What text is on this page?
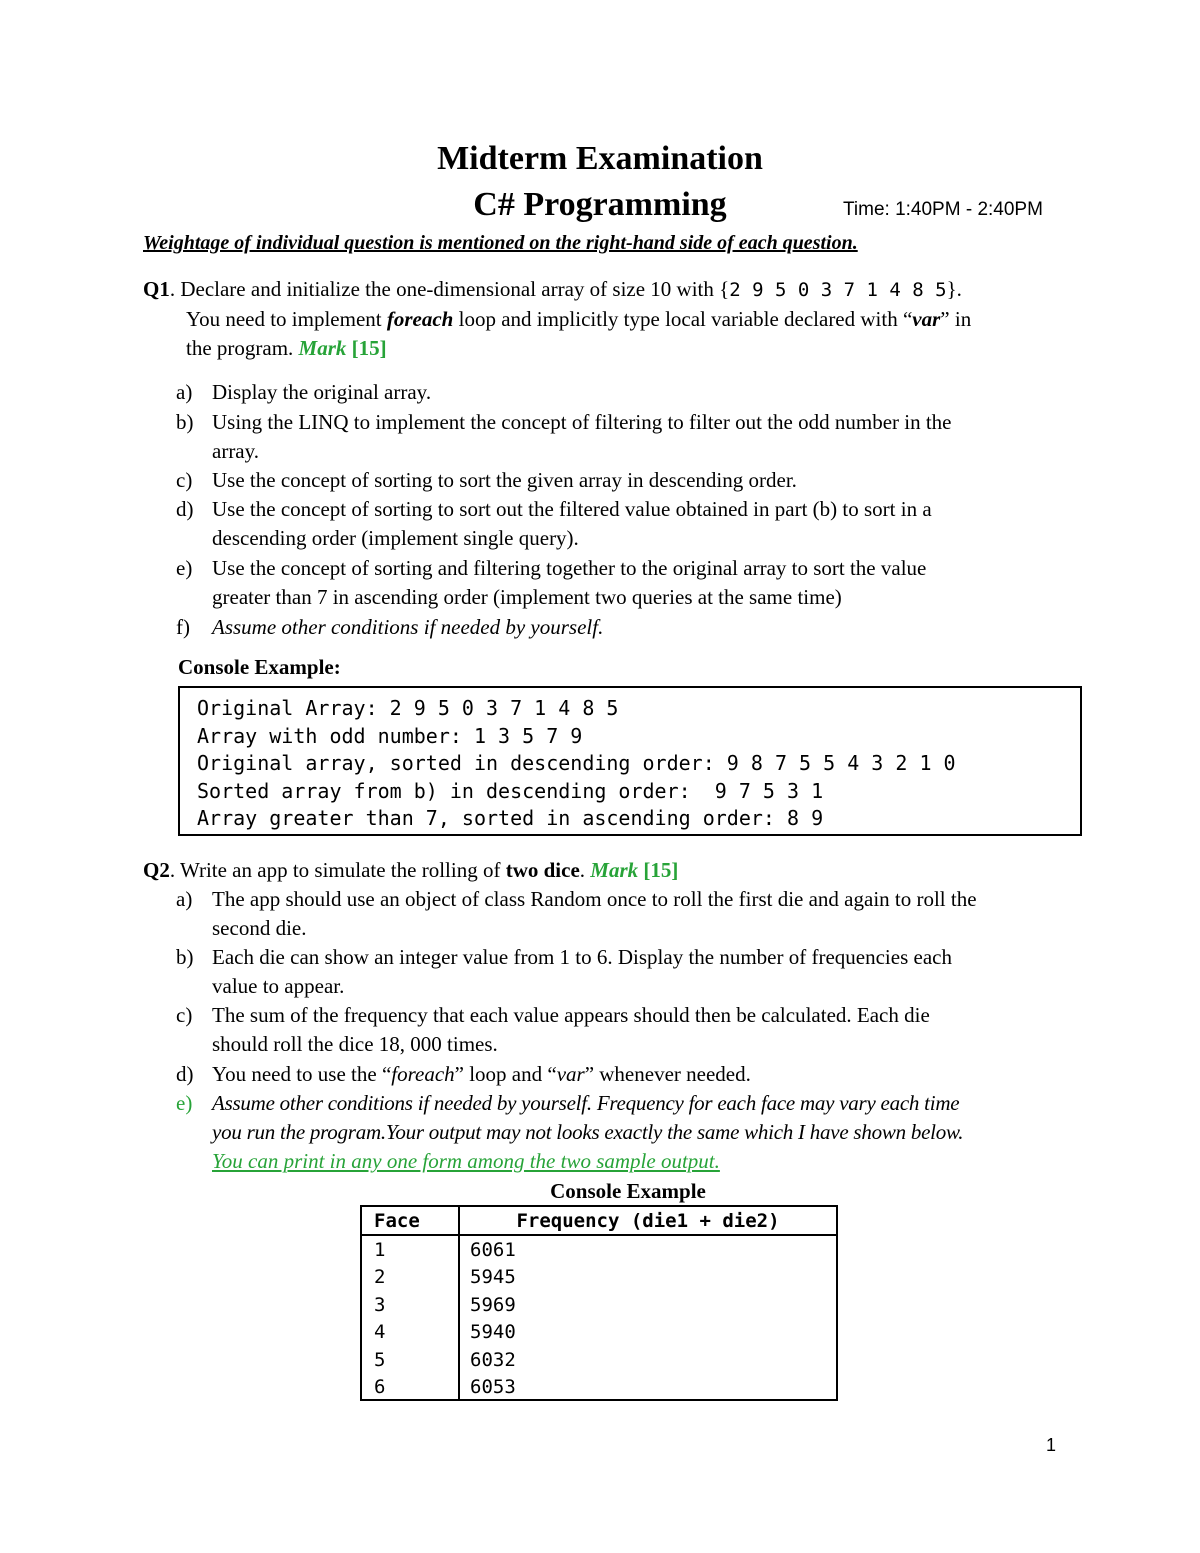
Midterm Examination
C# Programming	Time: 1:40PM - 2:40PM
Weightage of individual question is mentioned on the right-hand side of each question.
Q1. Declare and initialize the one-dimensional array of size 10 with {2 9 5 0 3 7 1 4 8 5}.
You need to implement foreach loop and implicitly type local variable declared with “var” in
the program. Mark [15]
a) Display the original array.
b) Using the LINQ to implement the concept of filtering to filter out the odd number in the
array.
c) Use the concept of sorting to sort the given array in descending order.
d) Use the concept of sorting to sort out the filtered value obtained in part (b) to sort in a
descending order (implement single query).
e) Use the concept of sorting and filtering together to the original array to sort the value
greater than 7 in ascending order (implement two queries at the same time)
f) Assume other conditions if needed by yourself.
Console Example:
Original Array: 2 9 5 0 3 7 1 4 8 5
Array with odd number: 1 3 5 7 9
Original array, sorted in descending order: 9 8 7 5 5 4 3 2 1 0
Sorted array from b) in descending order:  9 7 5 3 1
Array greater than 7, sorted in ascending order: 8 9
Q2. Write an app to simulate the rolling of two dice. Mark [15]
a) The app should use an object of class Random once to roll the first die and again to roll the
second die.
b) Each die can show an integer value from 1 to 6. Display the number of frequencies each
value to appear.
c) The sum of the frequency that each value appears should then be calculated. Each die
should roll the dice 18, 000 times.
d) You need to use the “foreach” loop and “var” whenever needed.
e) Assume other conditions if needed by yourself. Frequency for each face may vary each time
you run the program.Your output may not looks exactly the same which I have shown below.
You can print in any one form among the two sample output.
Console Example
Face	Frequency (die1 + die2)
1	6061
2	5945
3	5969
4	5940
5	6032
6	6053
1
